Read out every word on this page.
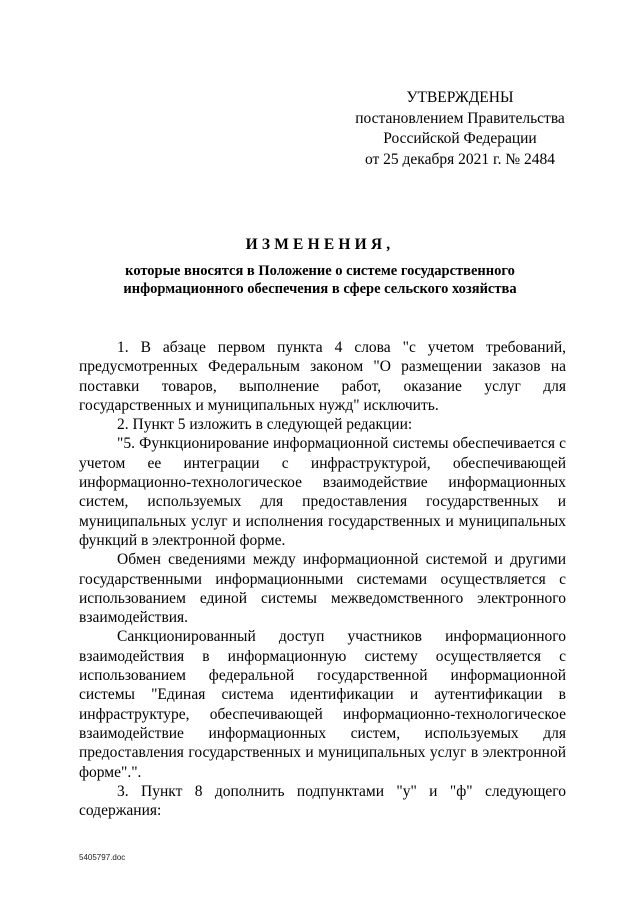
УТВЕРЖДЕНЫ
постановлением Правительства
Российской Федерации
от 25 декабря 2021 г. № 2484
ИЗМЕНЕНИЯ,
которые вносятся в Положение о системе государственного
информационного обеспечения в сфере сельского хозяйства

1. В абзаце первом пункта 4 слова "с учетом требований, предусмотренных Федеральным законом "О размещении заказов на поставки товаров, выполнение работ, оказание услуг для государственных и муниципальных нужд" исключить.

2. Пункт 5 изложить в следующей редакции:

"5. Функционирование информационной системы обеспечивается с учетом ее интеграции с инфраструктурой, обеспечивающей информационно-технологическое взаимодействие информационных систем, используемых для предоставления государственных и муниципальных услуг и исполнения государственных и муниципальных функций в электронной форме.

Обмен сведениями между информационной системой и другими государственными информационными системами осуществляется с использованием единой системы межведомственного электронного взаимодействия.

Санкционированный доступ участников информационного взаимодействия в информационную систему осуществляется с использованием федеральной государственной информационной системы "Единая система идентификации и аутентификации в инфраструктуре, обеспечивающей информационно-технологическое взаимодействие информационных систем, используемых для предоставления государственных и муниципальных услуг в электронной форме".".

3. Пункт 8 дополнить подпунктами "у" и "ф" следующего содержания:

5405797.doc
